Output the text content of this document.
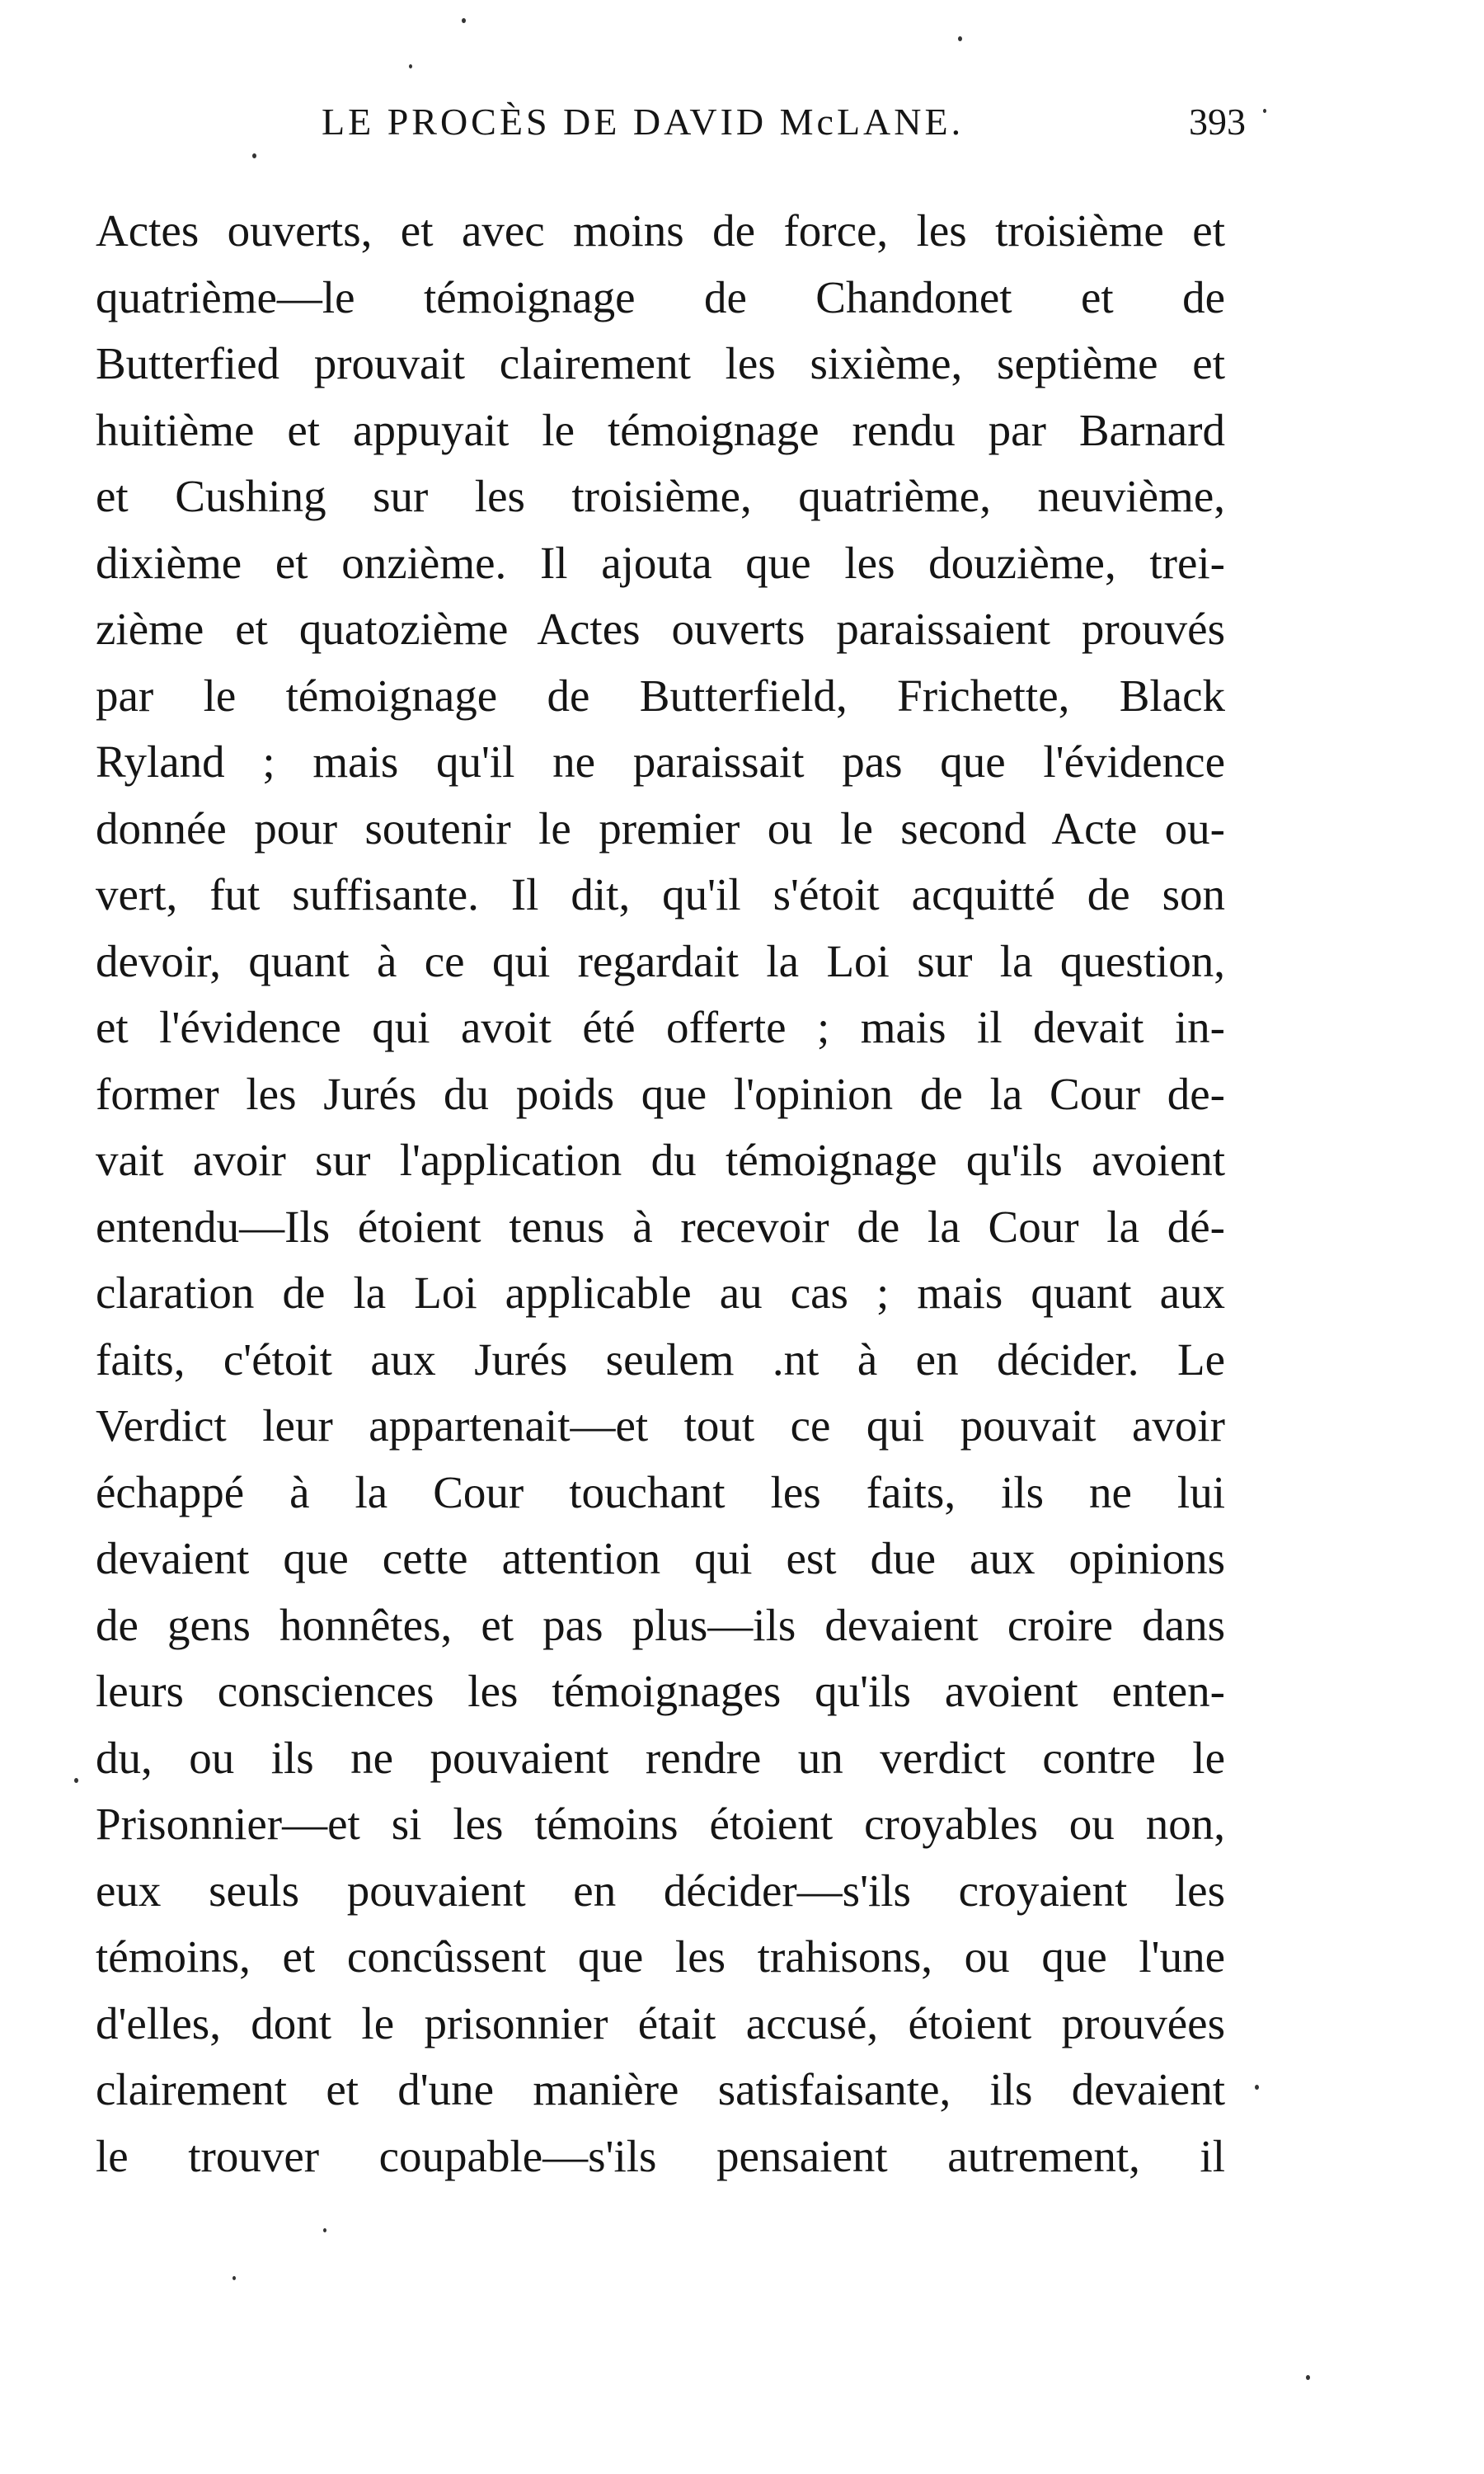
LE PROCÈS DE DAVID McLANE.	393
Actes ouverts, et avec moins de force, les troisième et
quatrième—le témoignage de Chandonet et de
Butterfied prouvait clairement les sixième, septième et
huitième et appuyait le témoignage rendu par Barnard
et Cushing sur les troisième, quatrième, neuvième,
dixième et onzième. Il ajouta que les douzième, trei-
zième et quatozième Actes ouverts paraissaient prouvés
par le témoignage de Butterfield, Frichette, Black
Ryland ; mais qu'il ne paraissait pas que l'évidence
donnée pour soutenir le premier ou le second Acte ou-
vert, fut suffisante. Il dit, qu'il s'étoit acquitté de son
devoir, quant à ce qui regardait la Loi sur la question,
et l'évidence qui avoit été offerte ; mais il devait in-
former les Jurés du poids que l'opinion de la Cour de-
vait avoir sur l'application du témoignage qu'ils avoient
entendu—Ils étoient tenus à recevoir de la Cour la dé-
claration de la Loi applicable au cas ; mais quant aux
faits, c'étoit aux Jurés seulem .nt à en décider. Le
Verdict leur appartenait—et tout ce qui pouvait avoir
échappé à la Cour touchant les faits, ils ne lui
devaient que cette attention qui est due aux opinions
de gens honnêtes, et pas plus—ils devaient croire dans
leurs consciences les témoignages qu'ils avoient enten-
du, ou ils ne pouvaient rendre un verdict contre le
Prisonnier—et si les témoins étoient croyables ou non,
eux seuls pouvaient en décider—s'ils croyaient les
témoins, et concûssent que les trahisons, ou que l'une
d'elles, dont le prisonnier était accusé, étoient prouvées
clairement et d'une manière satisfaisante, ils devaient
le trouver coupable—s'ils pensaient autrement, il
